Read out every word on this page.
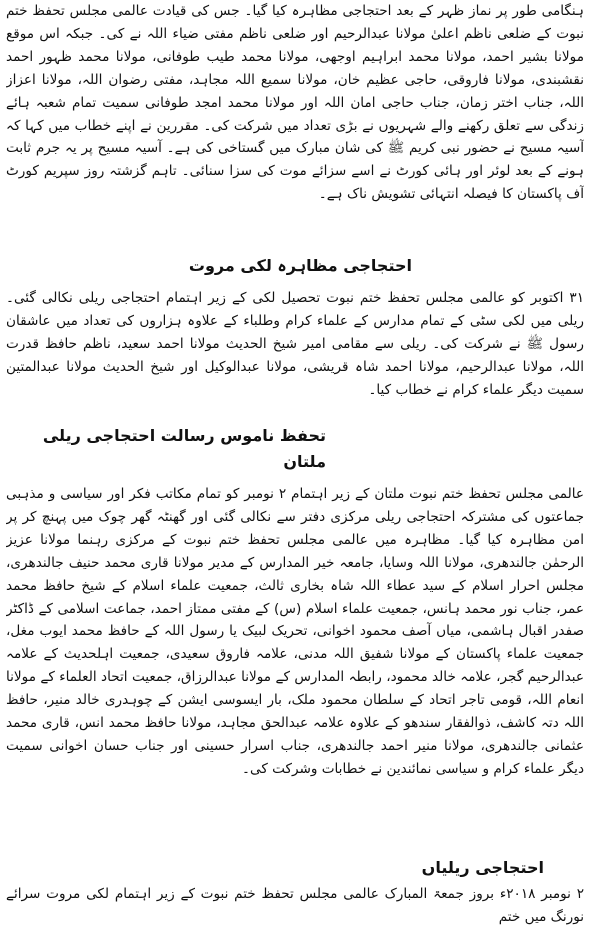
ہنگامی طور پر نماز ظہر کے بعد احتجاجی مظاہرہ کیا گیا۔ جس کی قیادت عالمی مجلس تحفظ ختم نبوت کے ضلعی ناظم اعلیٰ مولانا عبدالرحیم اور ضلعی ناظم مفتی ضیاء اللہ نے کی۔ جبکہ اس موقع مولانا بشیر احمد، مولانا محمد ابراہیم اوجھی، مولانا محمد طیب طوفانی، مولانا محمد ظہور احمد نقشبندی، مولانا فاروقی، حاجی عظیم خان، مولانا سمیع اللہ مجاہد، مفتی رضوان اللہ، مولانا اعزاز اللہ، جناب اختر زمان، جناب حاجی امان اللہ اور مولانا محمد امجد طوفانی سمیت تمام شعبہ ہائے زندگی سے تعلق رکھنے والے شہریوں نے بڑی تعداد میں شرکت کی۔ مقررین نے اپنے خطاب میں کہا کہ آسیہ مسیح نے حضور نبی کریم ﷺ کی شان مبارک میں گستاخی کی ہے۔ آسیہ مسیح پر یہ جرم ثابت ہونے کے بعد لوئر اور ہائی کورٹ نے اسے سزائے موت کی سزا سنائی۔ تاہم گزشتہ روز سپریم کورٹ آف پاکستان کا فیصلہ انتہائی تشویش ناک ہے۔

احتجاجی مظاہرہ لکی مروت

۳۱ اکتوبر کو عالمی مجلس تحفظ ختم نبوت تحصیل لکی کے زیر اہتمام احتجاجی ریلی نکالی گئی۔ ریلی میں لکی سٹی کے تمام مدارس کے علماء کرام وطلباء کے علاوہ ہزاروں کی تعداد میں عاشقان رسول ﷺ نے شرکت کی۔ ریلی سے مقامی امیر شیخ الحدیث مولانا احمد سعید، ناظم حافظ قدرت اللہ، مولانا عبدالرحیم، مولانا احمد شاہ قریشی، مولانا عبدالوکیل اور شیخ الحدیث مولانا عبدالمتین سمیت دیگر علماء کرام نے خطاب کیا۔

تحفظ ناموس رسالت احتجاجی ریلی ملتان

عالمی مجلس تحفظ ختم نبوت ملتان کے زیر اہتمام ۲ نومبر کو تمام مکاتب فکر اور سیاسی و مذہبی جماعتوں کی مشترکہ احتجاجی ریلی مرکزی دفتر سے نکالی گئی اور گھنٹہ گھر چوک میں پہنچ کر پر امن مظاہرہ کیا گیا۔ مظاہرہ میں عالمی مجلس تحفظ ختم نبوت کے مرکزی رہنما مولانا عزیز الرحمٰن جالندھری، مولانا اللہ وسایا، جامعہ خیر المدارس کے مدیر مولانا قاری محمد حنیف جالندھری، مجلس احرار اسلام کے سید عطاء اللہ شاہ بخاری ثالث، جمعیت علماء اسلام کے شیخ حافظ محمد عمر، جناب نور محمد ہانس، جمعیت علماء اسلام (س) کے مفتی ممتاز احمد، جماعت اسلامی کے ڈاکٹر صفدر اقبال ہاشمی، میاں آصف محمود اخوانی، تحریک لبیک یا رسول اللہ کے حافظ محمد ایوب مغل، جمعیت علماء پاکستان کے مولانا شفیق اللہ مدنی، علامہ فاروق سعیدی، جمعیت اہلحدیث کے علامہ عبدالرحیم گجر، علامہ خالد محمود، رابطہ المدارس کے مولانا عبدالرزاق، جمعیت اتحاد العلماء کے مولانا انعام اللہ، قومی تاجر اتحاد کے سلطان محمود ملک، بار ایسوسی ایشن کے چوہدری خالد منیر، حافظ اللہ دتہ کاشف، ذوالفقار سندھو کے علاوہ علامہ عبدالحق مجاہد، مولانا حافظ محمد انس، قاری محمد عثمانی جالندھری، مولانا منیر احمد جالندھری، جناب اسرار حسینی اور جناب حسان اخوانی سمیت دیگر علماء کرام و سیاسی نمائندین نے خطابات وشرکت کی۔

احتجاجی ریلیاں

۲ نومبر ۲۰۱۸ء بروز جمعۃ المبارک عالمی مجلس تحفظ ختم نبوت کے زیر اہتمام لکی مروت سرائے نورنگ میں ختم
